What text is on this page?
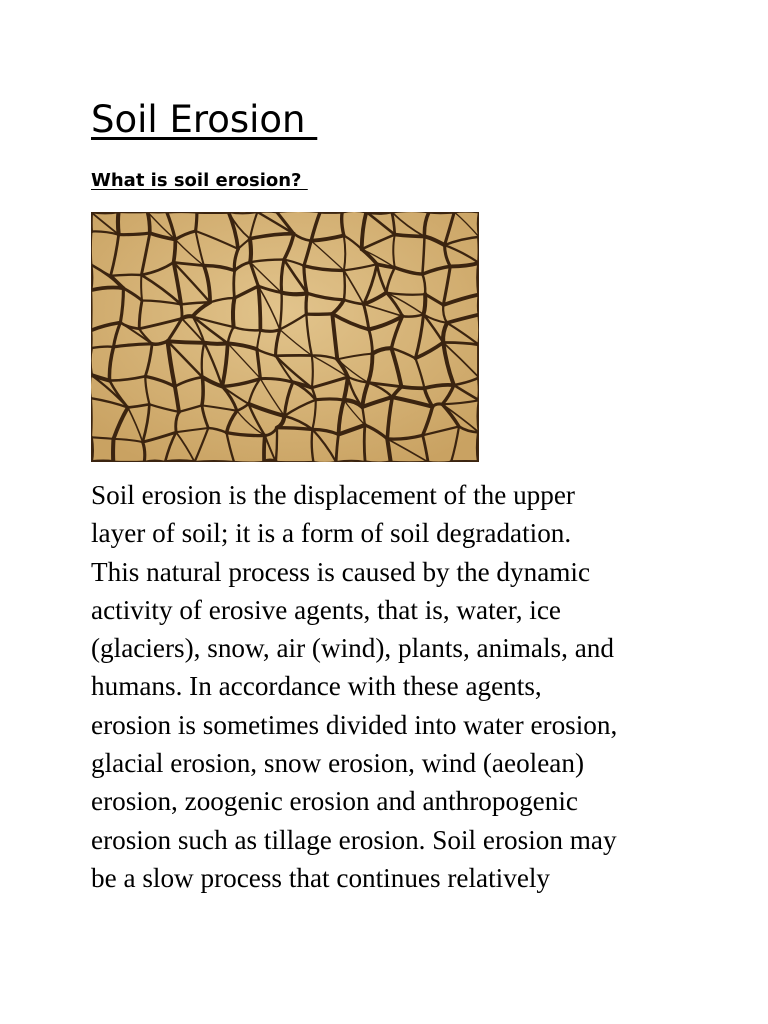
Soil Erosion
What is soil erosion?
Soil erosion is the displacement of the upper
layer of soil; it is a form of soil degradation.
This natural process is caused by the dynamic
activity of erosive agents, that is, water, ice
(glaciers), snow, air (wind), plants, animals, and
humans. In accordance with these agents,
erosion is sometimes divided into water erosion,
glacial erosion, snow erosion, wind (aeolean)
erosion, zoogenic erosion and anthropogenic
erosion such as tillage erosion. Soil erosion may
be a slow process that continues relatively
